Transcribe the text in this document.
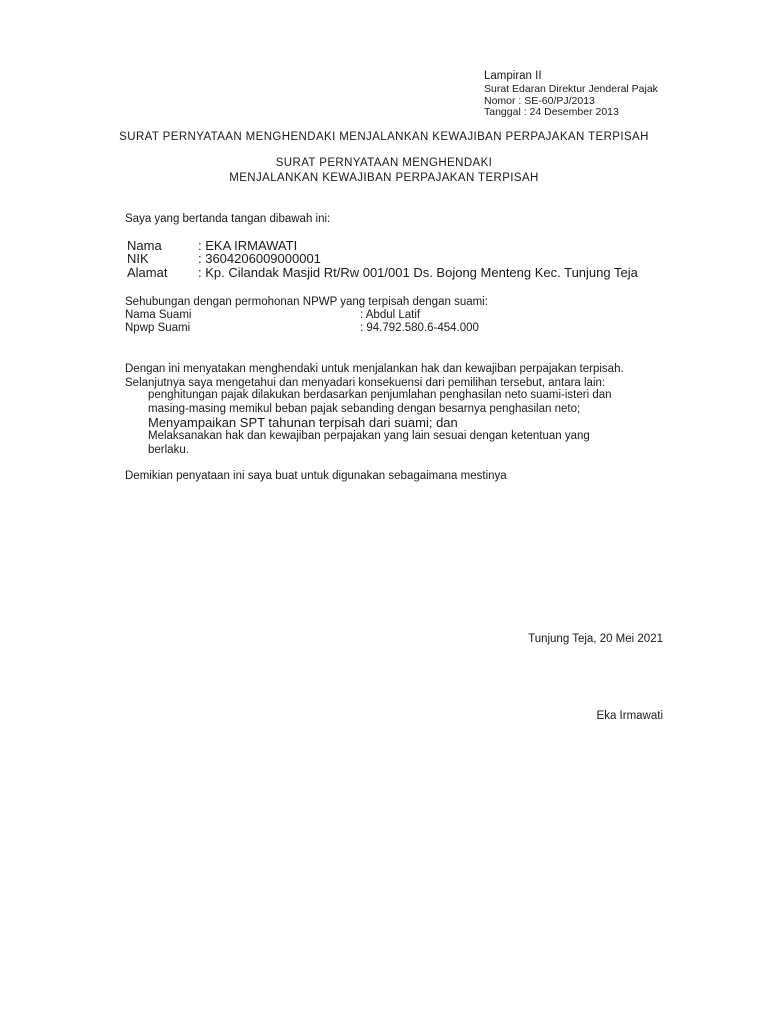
Lampiran II
Surat Edaran Direktur Jenderal Pajak
Nomor : SE-60/PJ/2013
Tanggal : 24 Desember 2013
SURAT PERNYATAAN MENGHENDAKI MENJALANKAN KEWAJIBAN PERPAJAKAN TERPISAH
SURAT PERNYATAAN MENGHENDAKI
MENJALANKAN KEWAJIBAN PERPAJAKAN TERPISAH
Saya yang bertanda tangan dibawah ini:
Nama	: EKA IRMAWATI
NIK	: 3604206009000001
Alamat : Kp. Cilandak Masjid Rt/Rw 001/001 Ds. Bojong Menteng Kec. Tunjung Teja
Sehubungan dengan permohonan NPWP yang terpisah dengan suami:
Nama Suami	: Abdul Latif
Npwp Suami	: 94.792.580.6-454.000
Dengan ini menyatakan menghendaki untuk menjalankan hak dan kewajiban perpajakan terpisah.
Selanjutnya saya mengetahui dan menyadari konsekuensi dari pemilihan tersebut, antara lain:
penghitungan pajak dilakukan berdasarkan penjumlahan penghasilan neto suami-isteri dan
masing-masing memikul beban pajak sebanding dengan besarnya penghasilan neto;
Menyampaikan SPT tahunan terpisah dari suami; dan
Melaksanakan hak dan kewajiban perpajakan yang lain sesuai dengan ketentuan yang
berlaku.
Demikian penyataan ini saya buat untuk digunakan sebagaimana mestinya
Tunjung Teja, 20 Mei 2021
Eka Irmawati
